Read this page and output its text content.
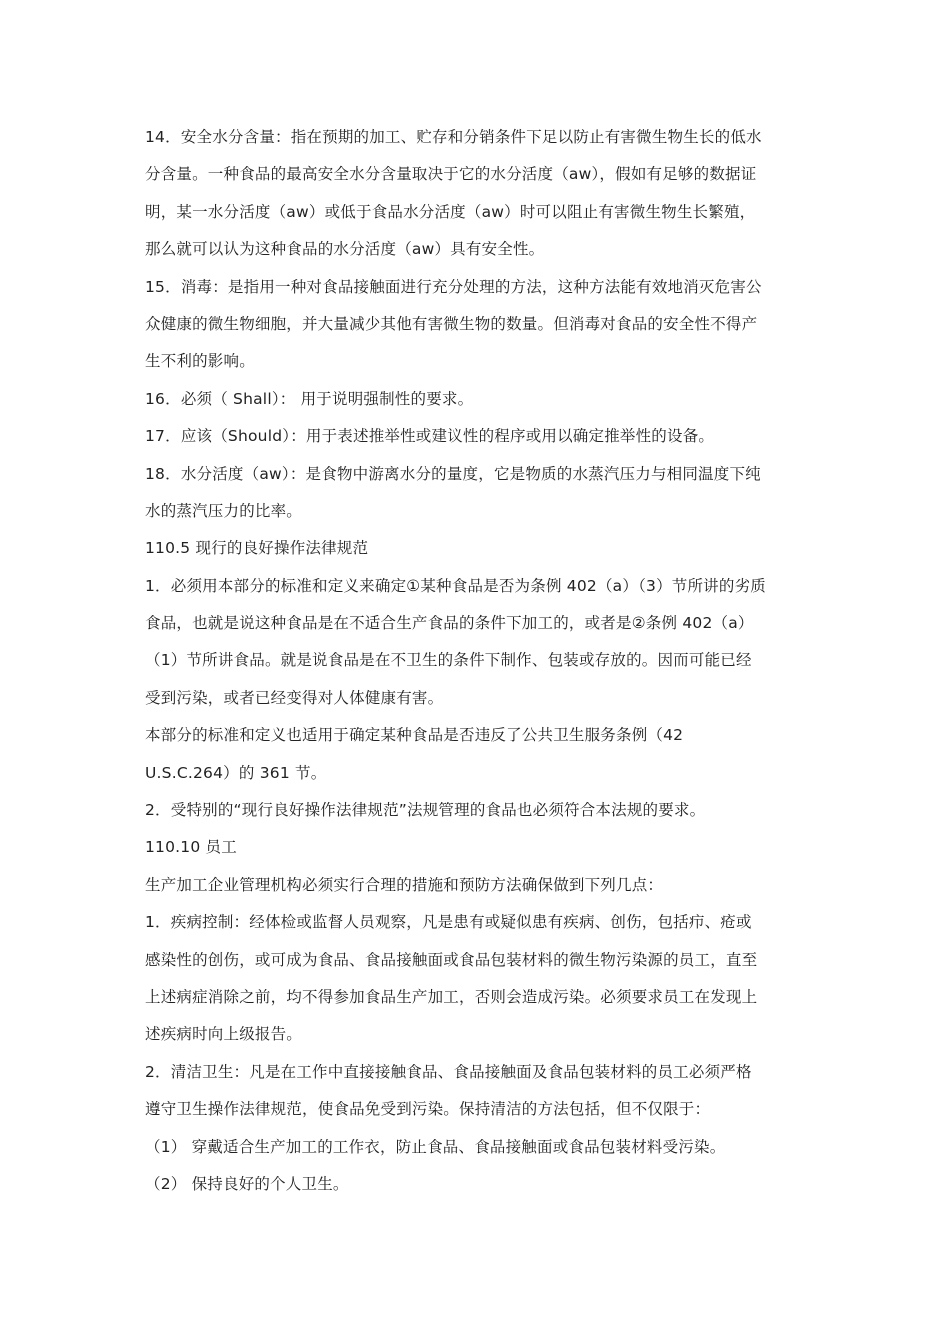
14．安全水分含量：指在预期的加工、贮存和分销条件下足以防止有害微生物生长的低水
分含量。一种食品的最高安全水分含量取决于它的水分活度（aw），假如有足够的数据证
明，某一水分活度（aw）或低于食品水分活度（aw）时可以阻止有害微生物生长繁殖，
那么就可以认为这种食品的水分活度（aw）具有安全性。
15．消毒：是指用一种对食品接触面进行充分处理的方法，这种方法能有效地消灭危害公
众健康的微生物细胞，并大量减少其他有害微生物的数量。但消毒对食品的安全性不得产
生不利的影响。
16．必须（ Shall）： 用于说明强制性的要求。
17．应该（Should）：用于表述推举性或建议性的程序或用以确定推举性的设备。
18．水分活度（aw）：是食物中游离水分的量度，它是物质的水蒸汽压力与相同温度下纯
水的蒸汽压力的比率。
110.5 现行的良好操作法律规范
1．必须用本部分的标准和定义来确定①某种食品是否为条例 402（a）（3）节所讲的劣质
食品，也就是说这种食品是在不适合生产食品的条件下加工的，或者是②条例 402（a）
（1）节所讲食品。就是说食品是在不卫生的条件下制作、包装或存放的。因而可能已经
受到污染，或者已经变得对人体健康有害。
本部分的标准和定义也适用于确定某种食品是否违反了公共卫生服务条例（42
U.S.C.264）的 361 节。
2．受特别的“现行良好操作法律规范”法规管理的食品也必须符合本法规的要求。
110.10 员工
生产加工企业管理机构必须实行合理的措施和预防方法确保做到下列几点：
1．疾病控制：经体检或监督人员观察，凡是患有或疑似患有疾病、创伤，包括疖、疮或
感染性的创伤，或可成为食品、食品接触面或食品包装材料的微生物污染源的员工，直至
上述病症消除之前，均不得参加食品生产加工，否则会造成污染。必须要求员工在发现上
述疾病时向上级报告。
2．清洁卫生：凡是在工作中直接接触食品、食品接触面及食品包装材料的员工必须严格
遵守卫生操作法律规范，使食品免受到污染。保持清洁的方法包括，但不仅限于：
（1） 穿戴适合生产加工的工作衣，防止食品、食品接触面或食品包装材料受污染。
（2） 保持良好的个人卫生。
